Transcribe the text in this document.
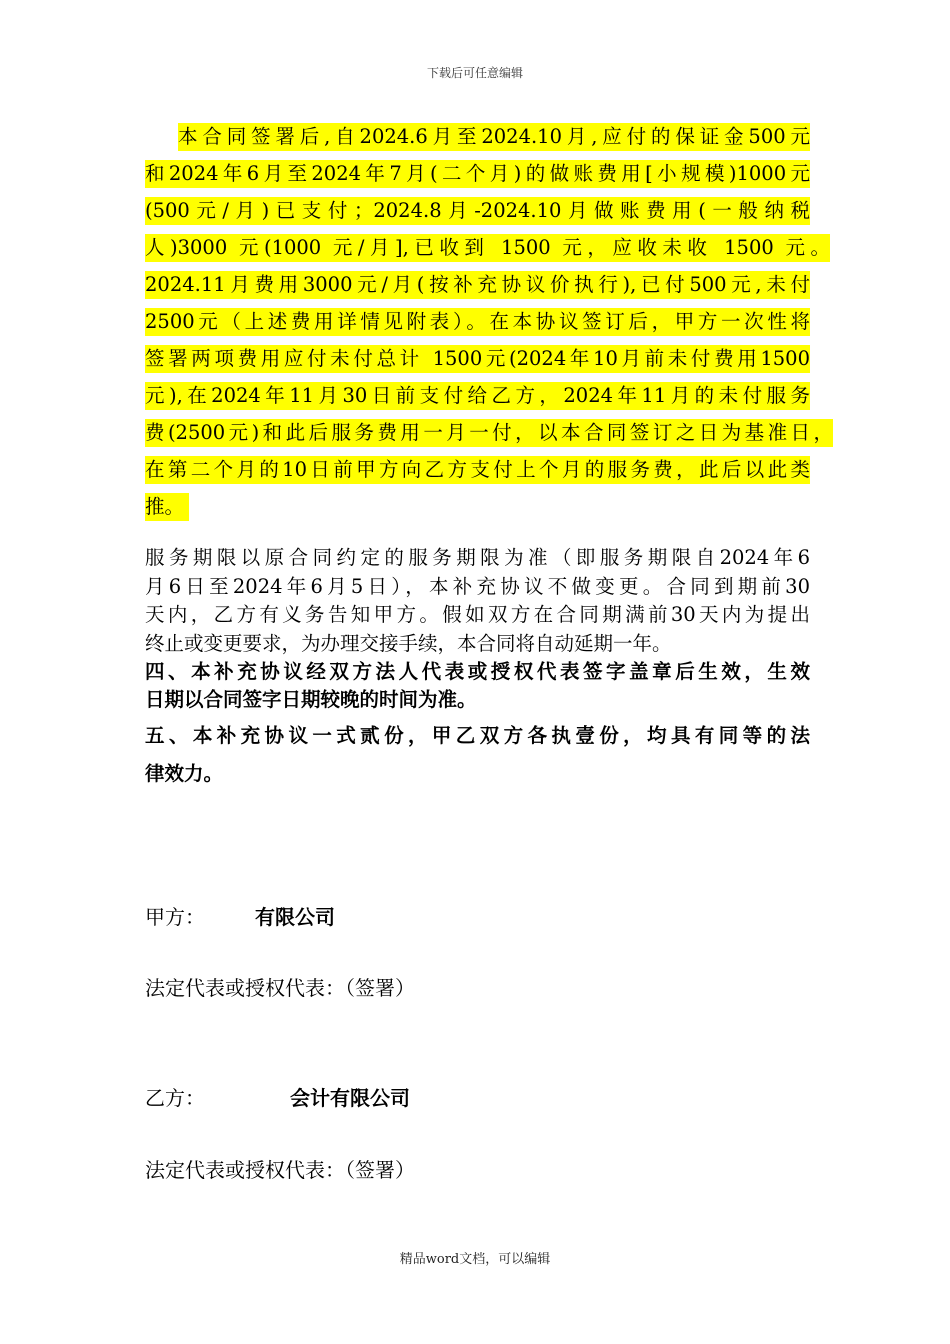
下载后可任意编辑
本合同签署后,自2024.6月至2024.10月,应付的保证金500元
和2024年6月至2024年7月(二个月)的做账费用[小规模)1000元
(500元/月)已支付；2024.8月-2024.10月做账费用(一般纳税
人)3000 元(1000 元/月],已收到 1500 元，应收未收 1500 元。
2024.11月费用3000元/月(按补充协议价执行),已付500元,未付
2500元（上述费用详情见附表）。在本协议签订后，甲方一次性将
签署两项费用应付未付总计 1500元(2024年10月前未付费用1500
元),在2024年11月30日前支付给乙方，2024年11月的未付服务
费(2500元)和此后服务费用一月一付，以本合同签订之日为基准日，
在第二个月的10日前甲方向乙方支付上个月的服务费，此后以此类
推。
服务期限以原合同约定的服务期限为准（即服务期限自2024年6
月6日至2024年6月5日），本补充协议不做变更。合同到期前30
天内，乙方有义务告知甲方。假如双方在合同期满前30天内为提出
终止或变更要求，为办理交接手续，本合同将自动延期一年。
四、本补充协议经双方法人代表或授权代表签字盖章后生效，生效
日期以合同签字日期较晚的时间为准。
五、本补充协议一式贰份，甲乙双方各执壹份，均具有同等的法
律效力。
甲方：	有限公司
法定代表或授权代表：（签署）
乙方：	会计有限公司
法定代表或授权代表：（签署）
精品word文档，可以编辑
